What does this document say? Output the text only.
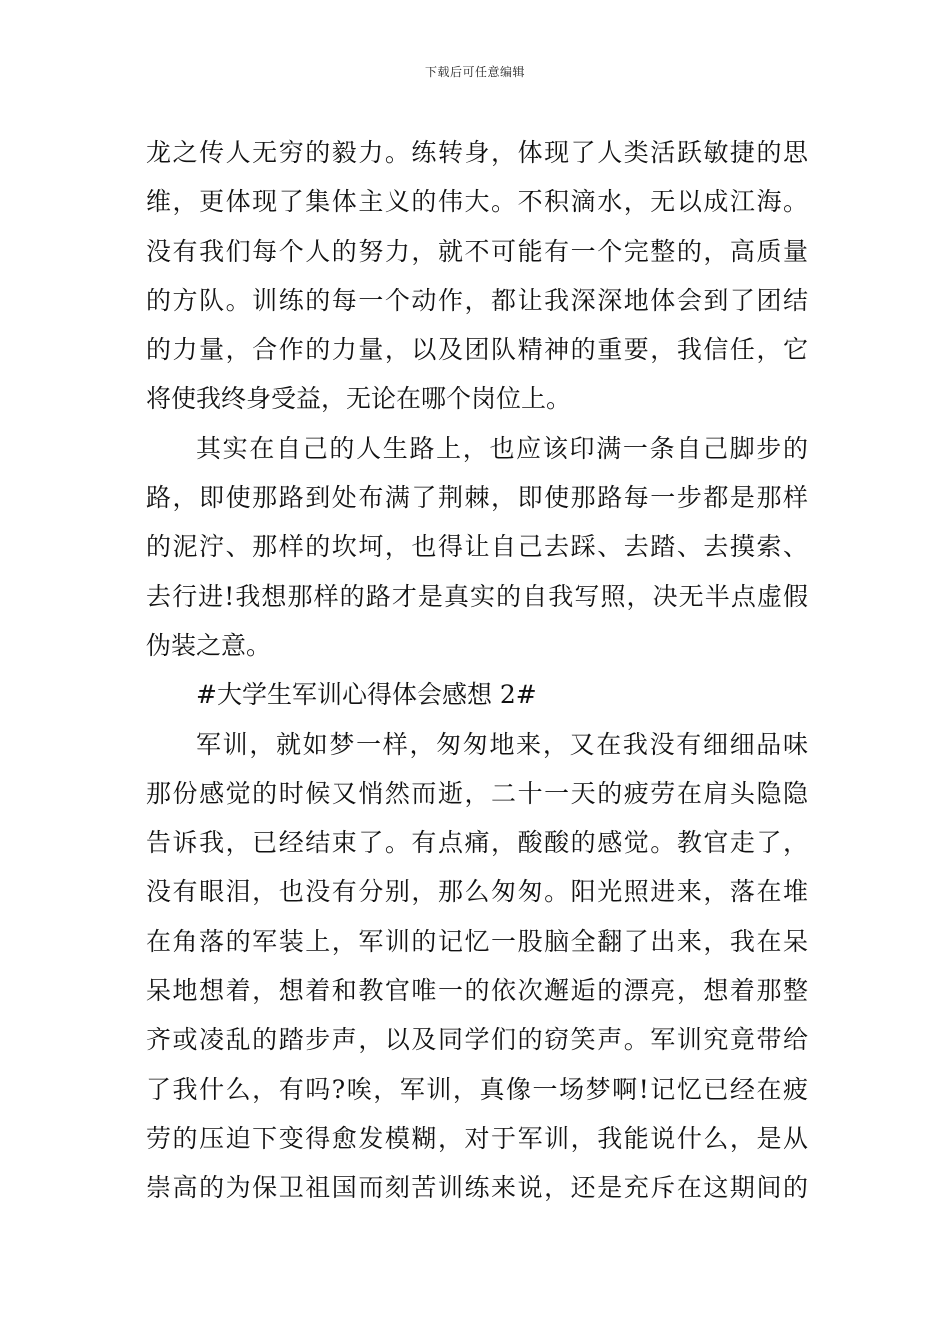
下载后可任意编辑
龙之传人无穷的毅力。练转身，体现了人类活跃敏捷的思
维，更体现了集体主义的伟大。不积滴水，无以成江海。
没有我们每个人的努力，就不可能有一个完整的，高质量
的方队。训练的每一个动作，都让我深深地体会到了团结
的力量，合作的力量，以及团队精神的重要，我信任，它
将使我终身受益，无论在哪个岗位上。
其实在自己的人生路上，也应该印满一条自己脚步的
路，即使那路到处布满了荆棘，即使那路每一步都是那样
的泥泞、那样的坎坷，也得让自己去踩、去踏、去摸索、
去行进!我想那样的路才是真实的自我写照，决无半点虚假
伪装之意。
#大学生军训心得体会感想 2#
军训，就如梦一样，匆匆地来，又在我没有细细品味
那份感觉的时候又悄然而逝，二十一天的疲劳在肩头隐隐
告诉我，已经结束了。有点痛，酸酸的感觉。教官走了，
没有眼泪，也没有分别，那么匆匆。阳光照进来，落在堆
在角落的军装上，军训的记忆一股脑全翻了出来，我在呆
呆地想着，想着和教官唯一的依次邂逅的漂亮，想着那整
齐或凌乱的踏步声，以及同学们的窃笑声。军训究竟带给
了我什么，有吗?唉，军训，真像一场梦啊!记忆已经在疲
劳的压迫下变得愈发模糊，对于军训，我能说什么，是从
崇高的为保卫祖国而刻苦训练来说，还是充斥在这期间的
